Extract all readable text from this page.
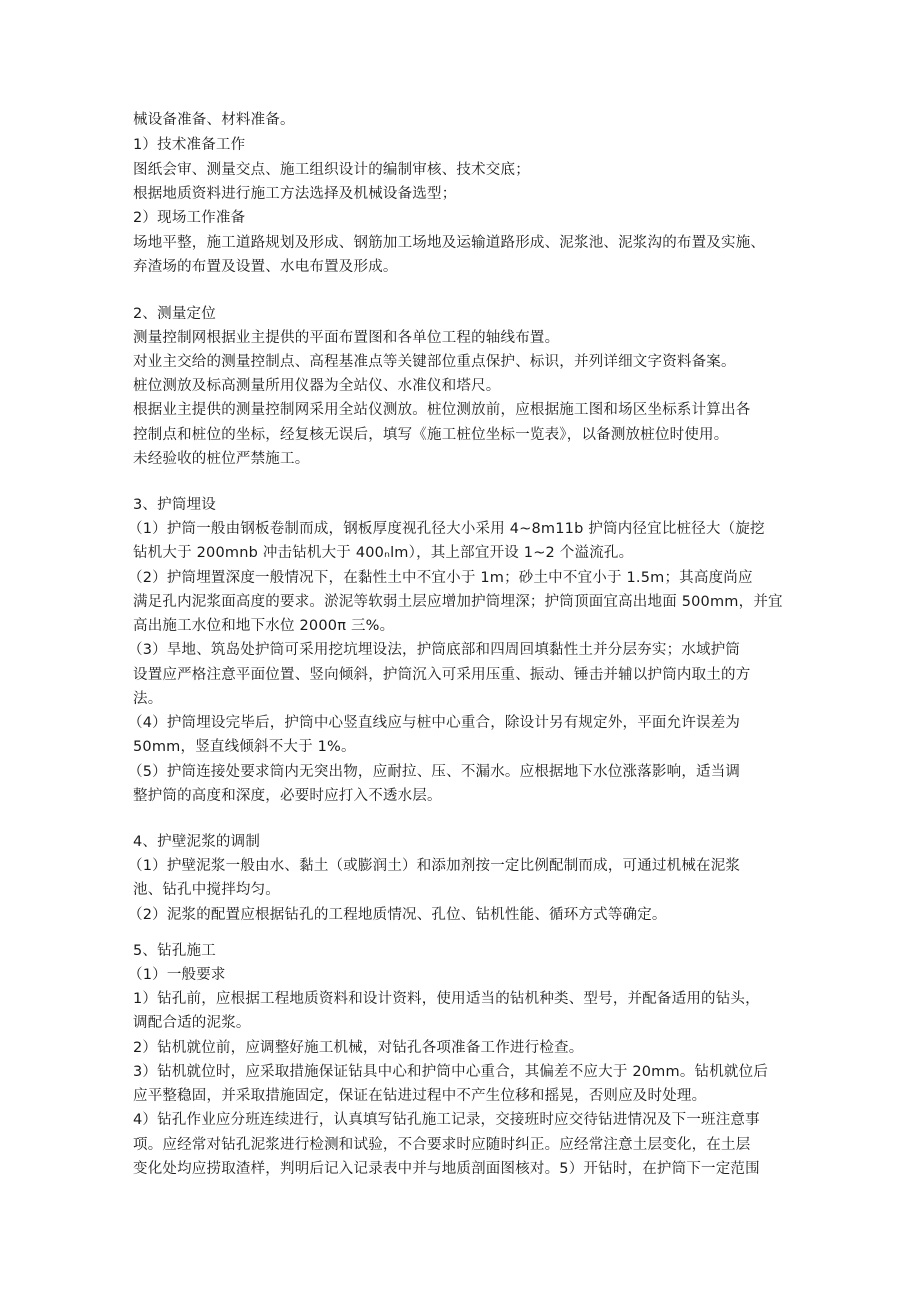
械设备准备、材料准备。
1）技术准备工作
图纸会审、测量交点、施工组织设计的编制审核、技术交底；
根据地质资料进行施工方法选择及机械设备选型；
2）现场工作准备
场地平整，施工道路规划及形成、钢筋加工场地及运输道路形成、泥浆池、泥浆沟的布置及实施、
弃渣场的布置及设置、水电布置及形成。
2、测量定位
测量控制网根据业主提供的平面布置图和各单位工程的轴线布置。
对业主交给的测量控制点、高程基准点等关键部位重点保护、标识，并列详细文字资料备案。
桩位测放及标高测量所用仪器为全站仪、水准仪和塔尺。
根据业主提供的测量控制网采用全站仪测放。桩位测放前，应根据施工图和场区坐标系计算出各
控制点和桩位的坐标，经复核无误后，填写《施工桩位坐标一览表》，以备测放桩位时使用。
未经验收的桩位严禁施工。
3、护筒埋设
（1）护筒一般由钢板卷制而成，钢板厚度视孔径大小采用 4~8m11b 护筒内径宜比桩径大（旋挖
钻机大于 200mnb 冲击钻机大于 400ₙlm），其上部宜开设 1~2 个溢流孔。
（2）护筒埋置深度一般情况下，在黏性土中不宜小于 1m；砂土中不宜小于 1.5m；其高度尚应
满足孔内泥浆面高度的要求。淤泥等软弱土层应增加护筒埋深；护筒顶面宜高出地面 500mm，并宜
高出施工水位和地下水位 2000π 三%。
（3）旱地、筑岛处护筒可采用挖坑埋设法，护筒底部和四周回填黏性土并分层夯实；水域护筒
设置应严格注意平面位置、竖向倾斜，护筒沉入可采用压重、振动、锤击并辅以护筒内取土的方
法。
（4）护筒埋设完毕后，护筒中心竖直线应与桩中心重合，除设计另有规定外，平面允许误差为
50mm，竖直线倾斜不大于 1%。
（5）护筒连接处要求筒内无突出物，应耐拉、压、不漏水。应根据地下水位涨落影响，适当调
整护筒的高度和深度，必要时应打入不透水层。
4、护壁泥浆的调制
（1）护壁泥浆一般由水、黏土（或膨润土）和添加剂按一定比例配制而成，可通过机械在泥浆
池、钻孔中搅拌均匀。
（2）泥浆的配置应根据钻孔的工程地质情况、孔位、钻机性能、循环方式等确定。
5、钻孔施工
（1）一般要求
1）钻孔前，应根据工程地质资料和设计资料，使用适当的钻机种类、型号，并配备适用的钻头，
调配合适的泥浆。
2）钻机就位前，应调整好施工机械，对钻孔各项准备工作进行检查。
3）钻机就位时，应采取措施保证钻具中心和护筒中心重合，其偏差不应大于 20mm。钻机就位后
应平整稳固，并采取措施固定，保证在钻进过程中不产生位移和摇晃，否则应及时处理。
4）钻孔作业应分班连续进行，认真填写钻孔施工记录，交接班时应交待钻进情况及下一班注意事
项。应经常对钻孔泥浆进行检测和试验，不合要求时应随时纠正。应经常注意土层变化，在土层
变化处均应捞取渣样，判明后记入记录表中并与地质剖面图核对。5）开钻时，在护筒下一定范围
